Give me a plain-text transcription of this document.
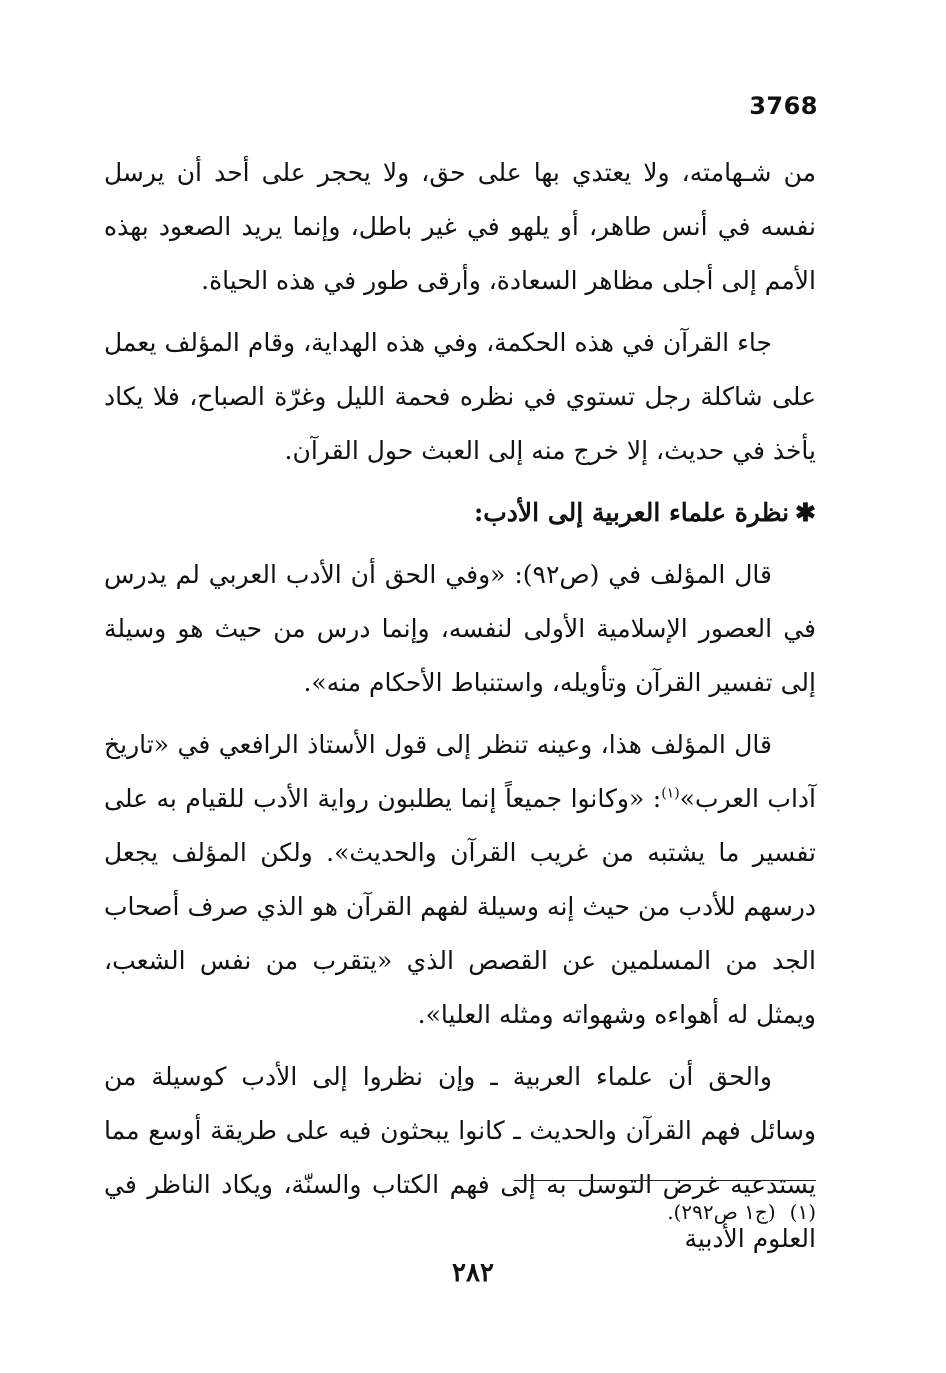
3768

من شـهامته، ولا يعتدي بها على حق، ولا يحجر على أحد أن يرسل نفسه في أنس طاهر، أو يلهو في غير باطل، وإنما يريد الصعود بهذه الأمم إلى أجلى مظاهر السعادة، وأرقى طور في هذه الحياة.

جاء القرآن في هذه الحكمة، وفي هذه الهداية، وقام المؤلف يعمل على شاكلة رجل تستوي في نظره فحمة الليل وغرّة الصباح، فلا يكاد يأخذ في حديث، إلا خرج منه إلى العبث حول القرآن.

✱نظرة علماء العربية إلى الأدب:

قال المؤلف في (ص٩٢): «وفي الحق أن الأدب العربي لم يدرس في العصور الإسلامية الأولى لنفسه، وإنما درس من حيث هو وسيلة إلى تفسير القرآن وتأويله، واستنباط الأحكام منه».

قال المؤلف هذا، وعينه تنظر إلى قول الأستاذ الرافعي في «تاريخ آداب العرب»$^{(١)}$: «وكانوا جميعاً إنما يطلبون رواية الأدب للقيام به على تفسير ما يشتبه من غريب القرآن والحديث». ولكن المؤلف يجعل درسهم للأدب من حيث إنه وسيلة لفهم القرآن هو الذي صرف أصحاب الجد من المسلمين عن القصص الذي «يتقرب من نفس الشعب، ويمثل له أهواءه وشهواته ومثله العليا».

والحق أن علماء العربية ـ وإن نظروا إلى الأدب كوسيلة من وسائل فهم القرآن والحديث ـ كانوا يبحثون فيه على طريقة أوسع مما يستدعيه غرض التوسل به إلى فهم الكتاب والسنّة، ويكاد الناظر في العلوم الأدبية

(١)(ج١ ص٢٩٢).
٢٨٢
